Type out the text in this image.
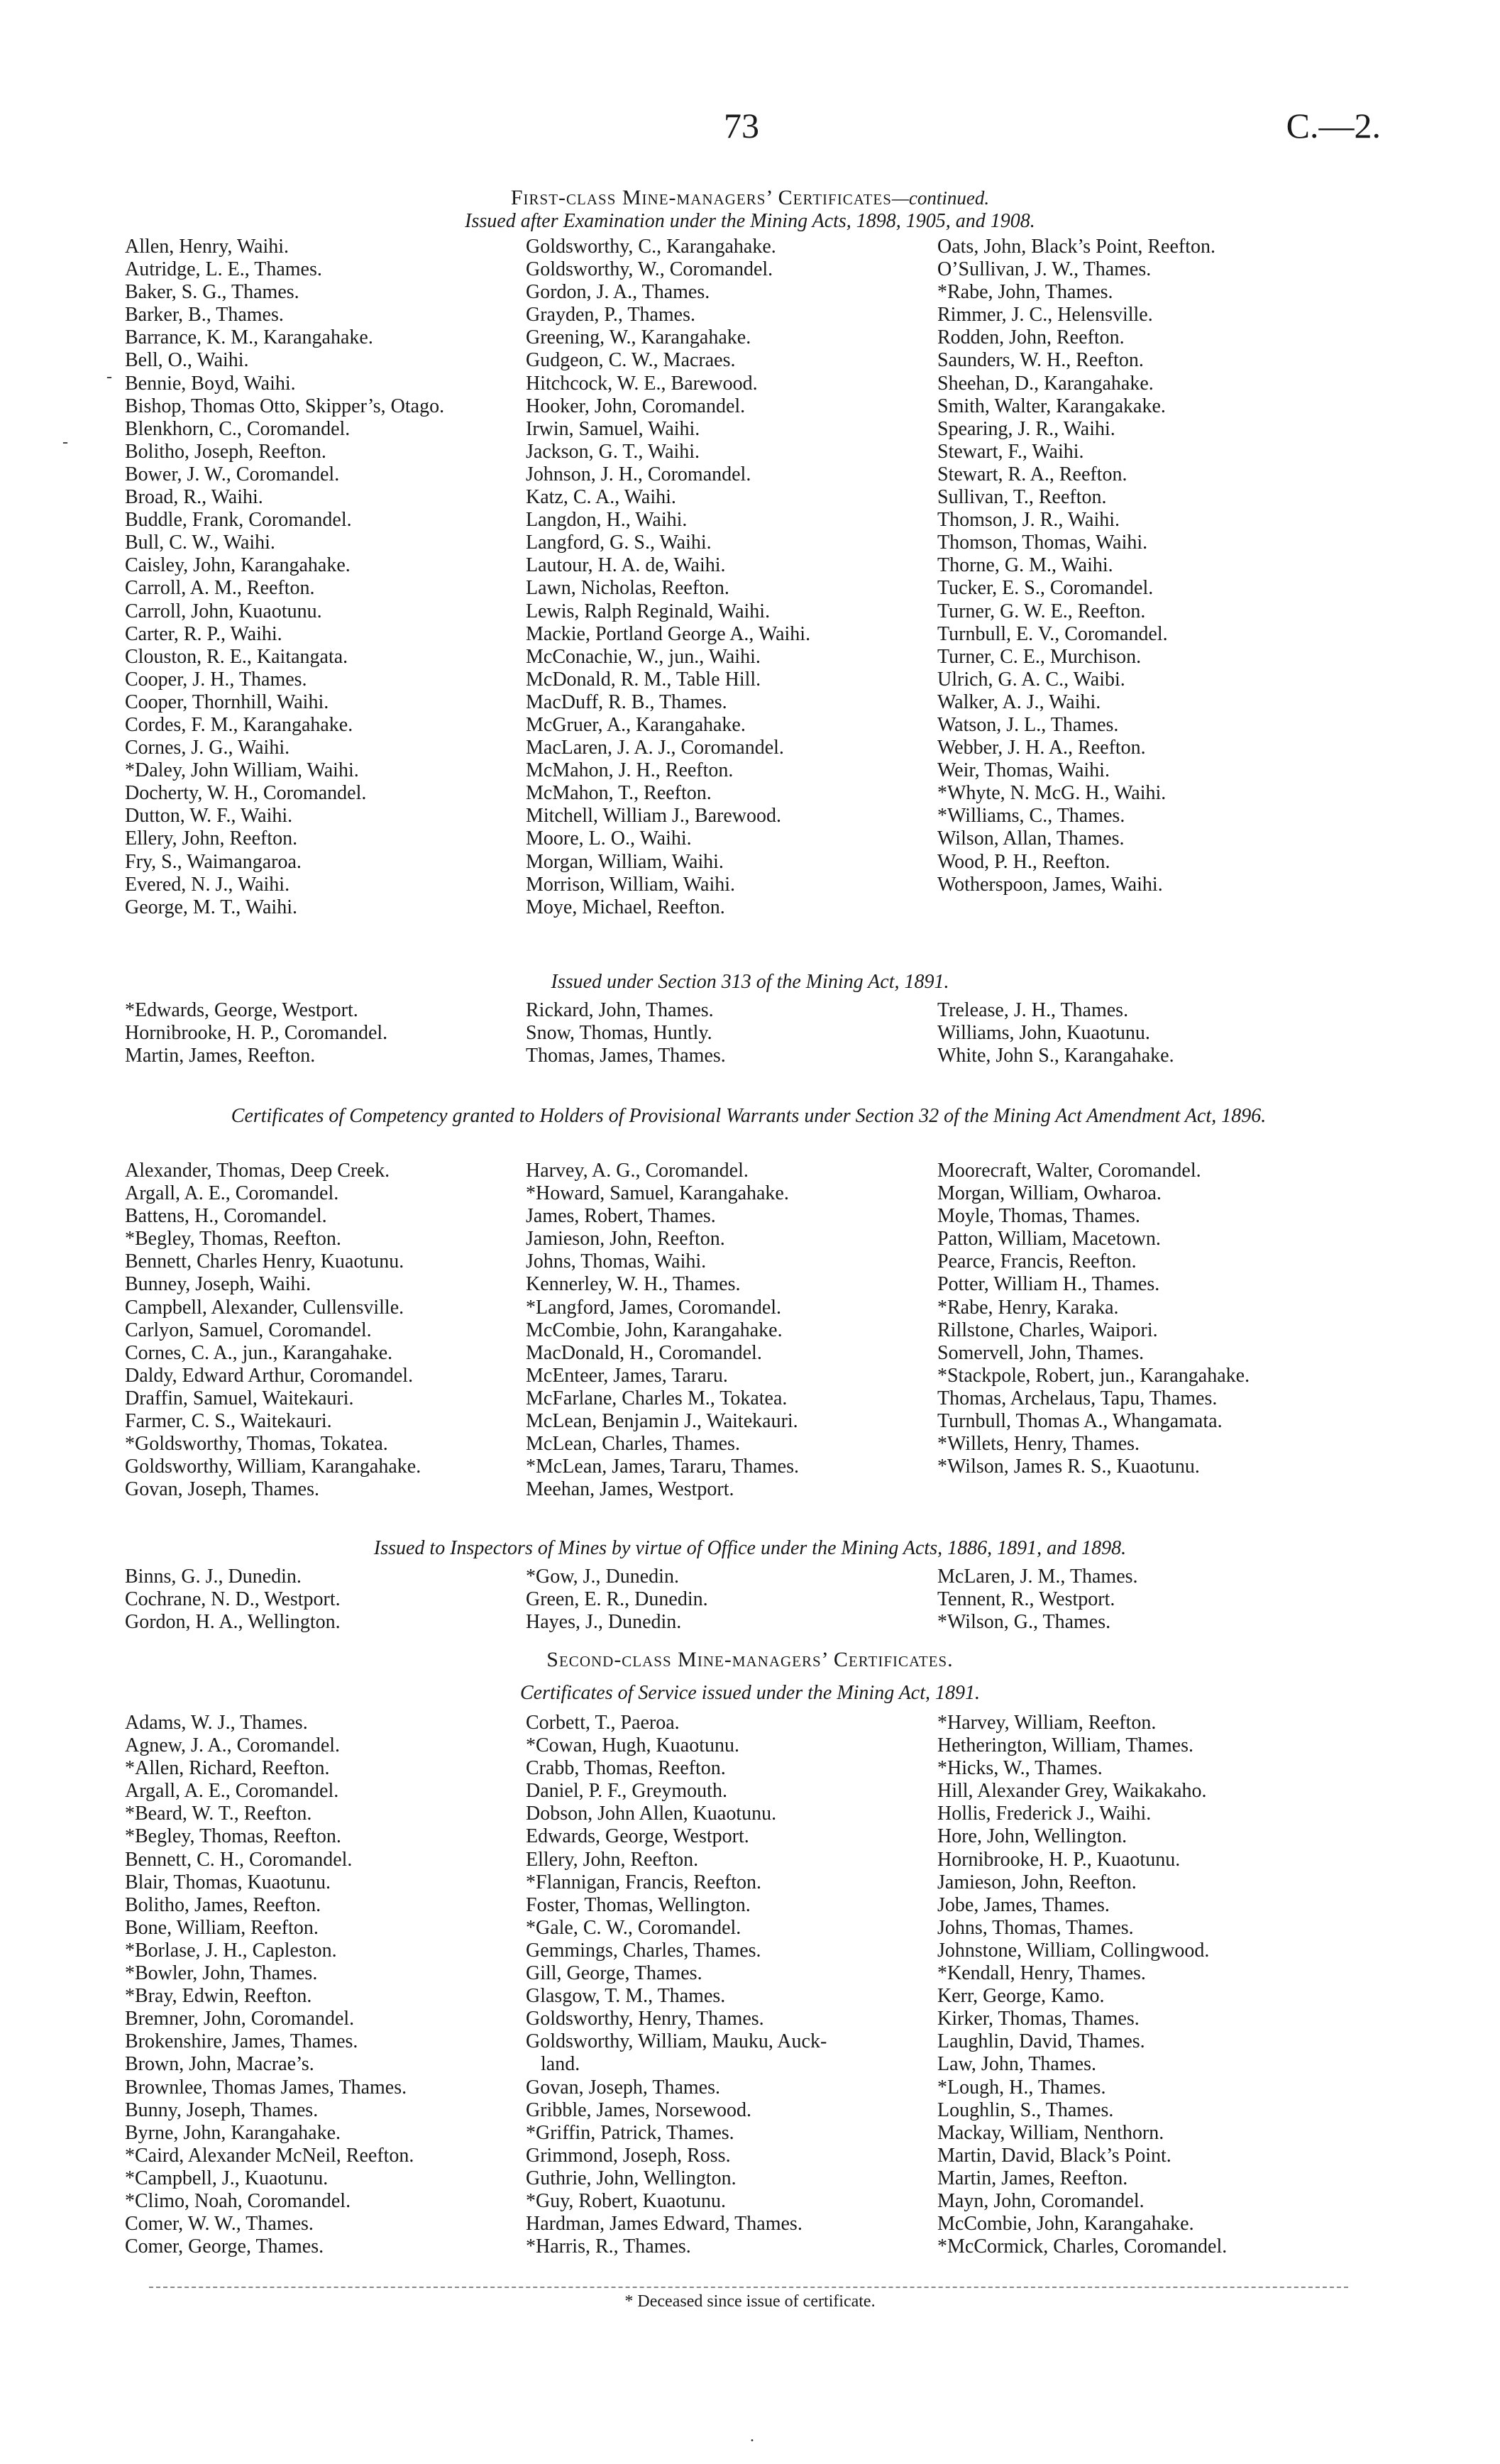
73	C.—2.
First-class Mine-managers’ Certificates—continued.
Issued after Examination under the Mining Acts, 1898, 1905, and 1908.
Allen, Henry, Waihi.
Autridge, L. E., Thames.
Baker, S. G., Thames.
Barker, B., Thames.
Barrance, K. M., Karangahake.
Bell, O., Waihi.
Bennie, Boyd, Waihi.
Bishop, Thomas Otto, Skipper’s, Otago.
Blenkhorn, C., Coromandel.
Bolitho, Joseph, Reefton.
Bower, J. W., Coromandel.
Broad, R., Waihi.
Buddle, Frank, Coromandel.
Bull, C. W., Waihi.
Caisley, John, Karangahake.
Carroll, A. M., Reefton.
Carroll, John, Kuaotunu.
Carter, R. P., Waihi.
Clouston, R. E., Kaitangata.
Cooper, J. H., Thames.
Cooper, Thornhill, Waihi.
Cordes, F. M., Karangahake.
Cornes, J. G., Waihi.
*Daley, John William, Waihi.
Docherty, W. H., Coromandel.
Dutton, W. F., Waihi.
Ellery, John, Reefton.
Fry, S., Waimangaroa.
Evered, N. J., Waihi.
George, M. T., Waihi.
Goldsworthy, C., Karangahake.
Goldsworthy, W., Coromandel.
Gordon, J. A., Thames.
Grayden, P., Thames.
Greening, W., Karangahake.
Gudgeon, C. W., Macraes.
Hitchcock, W. E., Barewood.
Hooker, John, Coromandel.
Irwin, Samuel, Waihi.
Jackson, G. T., Waihi.
Johnson, J. H., Coromandel.
Katz, C. A., Waihi.
Langdon, H., Waihi.
Langford, G. S., Waihi.
Lautour, H. A. de, Waihi.
Lawn, Nicholas, Reefton.
Lewis, Ralph Reginald, Waihi.
Mackie, Portland George A., Waihi.
McConachie, W., jun., Waihi.
McDonald, R. M., Table Hill.
MacDuff, R. B., Thames.
McGruer, A., Karangahake.
MacLaren, J. A. J., Coromandel.
McMahon, J. H., Reefton.
McMahon, T., Reefton.
Mitchell, William J., Barewood.
Moore, L. O., Waihi.
Morgan, William, Waihi.
Morrison, William, Waihi.
Moye, Michael, Reefton.
Oats, John, Black’s Point, Reefton.
O’Sullivan, J. W., Thames.
*Rabe, John, Thames.
Rimmer, J. C., Helensville.
Rodden, John, Reefton.
Saunders, W. H., Reefton.
Sheehan, D., Karangahake.
Smith, Walter, Karangakake.
Spearing, J. R., Waihi.
Stewart, F., Waihi.
Stewart, R. A., Reefton.
Sullivan, T., Reefton.
Thomson, J. R., Waihi.
Thomson, Thomas, Waihi.
Thorne, G. M., Waihi.
Tucker, E. S., Coromandel.
Turner, G. W. E., Reefton.
Turnbull, E. V., Coromandel.
Turner, C. E., Murchison.
Ulrich, G. A. C., Waibi.
Walker, A. J., Waihi.
Watson, J. L., Thames.
Webber, J. H. A., Reefton.
Weir, Thomas, Waihi.
*Whyte, N. McG. H., Waihi.
*Williams, C., Thames.
Wilson, Allan, Thames.
Wood, P. H., Reefton.
Wotherspoon, James, Waihi.
Issued under Section 313 of the Mining Act, 1891.
*Edwards, George, Westport.
Hornibrooke, H. P., Coromandel.
Martin, James, Reefton.
Rickard, John, Thames.
Snow, Thomas, Huntly.
Thomas, James, Thames.
Trelease, J. H., Thames.
Williams, John, Kuaotunu.
White, John S., Karangahake.
Certificates of Competency granted to Holders of Provisional Warrants under Section 32 of the Mining Act Amendment Act, 1896.
Alexander, Thomas, Deep Creek.
Argall, A. E., Coromandel.
Battens, H., Coromandel.
*Begley, Thomas, Reefton.
Bennett, Charles Henry, Kuaotunu.
Bunney, Joseph, Waihi.
Campbell, Alexander, Cullensville.
Carlyon, Samuel, Coromandel.
Cornes, C. A., jun., Karangahake.
Daldy, Edward Arthur, Coromandel.
Draffin, Samuel, Waitekauri.
Farmer, C. S., Waitekauri.
*Goldsworthy, Thomas, Tokatea.
Goldsworthy, William, Karangahake.
Govan, Joseph, Thames.
Harvey, A. G., Coromandel.
*Howard, Samuel, Karangahake.
James, Robert, Thames.
Jamieson, John, Reefton.
Johns, Thomas, Waihi.
Kennerley, W. H., Thames.
*Langford, James, Coromandel.
McCombie, John, Karangahake.
MacDonald, H., Coromandel.
McEnteer, James, Tararu.
McFarlane, Charles M., Tokatea.
McLean, Benjamin J., Waitekauri.
McLean, Charles, Thames.
*McLean, James, Tararu, Thames.
Meehan, James, Westport.
Moorecraft, Walter, Coromandel.
Morgan, William, Owharoa.
Moyle, Thomas, Thames.
Patton, William, Macetown.
Pearce, Francis, Reefton.
Potter, William H., Thames.
*Rabe, Henry, Karaka.
Rillstone, Charles, Waipori.
Somervell, John, Thames.
*Stackpole, Robert, jun., Karangahake.
Thomas, Archelaus, Tapu, Thames.
Turnbull, Thomas A., Whangamata.
*Willets, Henry, Thames.
*Wilson, James R. S., Kuaotunu.
Issued to Inspectors of Mines by virtue of Office under the Mining Acts, 1886, 1891, and 1898.
Binns, G. J., Dunedin.
Cochrane, N. D., Westport.
Gordon, H. A., Wellington.
*Gow, J., Dunedin.
Green, E. R., Dunedin.
Hayes, J., Dunedin.
McLaren, J. M., Thames.
Tennent, R., Westport.
*Wilson, G., Thames.
Second-class Mine-managers’ Certificates.
Certificates of Service issued under the Mining Act, 1891.
Adams, W. J., Thames.
Agnew, J. A., Coromandel.
*Allen, Richard, Reefton.
Argall, A. E., Coromandel.
*Beard, W. T., Reefton.
*Begley, Thomas, Reefton.
Bennett, C. H., Coromandel.
Blair, Thomas, Kuaotunu.
Bolitho, James, Reefton.
Bone, William, Reefton.
*Borlase, J. H., Capleston.
*Bowler, John, Thames.
*Bray, Edwin, Reefton.
Bremner, John, Coromandel.
Brokenshire, James, Thames.
Brown, John, Macrae’s.
Brownlee, Thomas James, Thames.
Bunny, Joseph, Thames.
Byrne, John, Karangahake.
*Caird, Alexander McNeil, Reefton.
*Campbell, J., Kuaotunu.
*Climo, Noah, Coromandel.
Comer, W. W., Thames.
Comer, George, Thames.
Corbett, T., Paeroa.
*Cowan, Hugh, Kuaotunu.
Crabb, Thomas, Reefton.
Daniel, P. F., Greymouth.
Dobson, John Allen, Kuaotunu.
Edwards, George, Westport.
Ellery, John, Reefton.
*Flannigan, Francis, Reefton.
Foster, Thomas, Wellington.
*Gale, C. W., Coromandel.
Gemmings, Charles, Thames.
Gill, George, Thames.
Glasgow, T. M., Thames.
Goldsworthy, Henry, Thames.
Goldsworthy, William, Mauku, Auck-
land.
Govan, Joseph, Thames.
Gribble, James, Norsewood.
*Griffin, Patrick, Thames.
Grimmond, Joseph, Ross.
Guthrie, John, Wellington.
*Guy, Robert, Kuaotunu.
Hardman, James Edward, Thames.
*Harris, R., Thames.
*Harvey, William, Reefton.
Hetherington, William, Thames.
*Hicks, W., Thames.
Hill, Alexander Grey, Waikakaho.
Hollis, Frederick J., Waihi.
Hore, John, Wellington.
Hornibrooke, H. P., Kuaotunu.
Jamieson, John, Reefton.
Jobe, James, Thames.
Johns, Thomas, Thames.
Johnstone, William, Collingwood.
*Kendall, Henry, Thames.
Kerr, George, Kamo.
Kirker, Thomas, Thames.
Laughlin, David, Thames.
Law, John, Thames.
*Lough, H., Thames.
Loughlin, S., Thames.
Mackay, William, Nenthorn.
Martin, David, Black’s Point.
Martin, James, Reefton.
Mayn, John, Coromandel.
McCombie, John, Karangahake.
*McCormick, Charles, Coromandel.
* Deceased since issue of certificate.
-
-
.
